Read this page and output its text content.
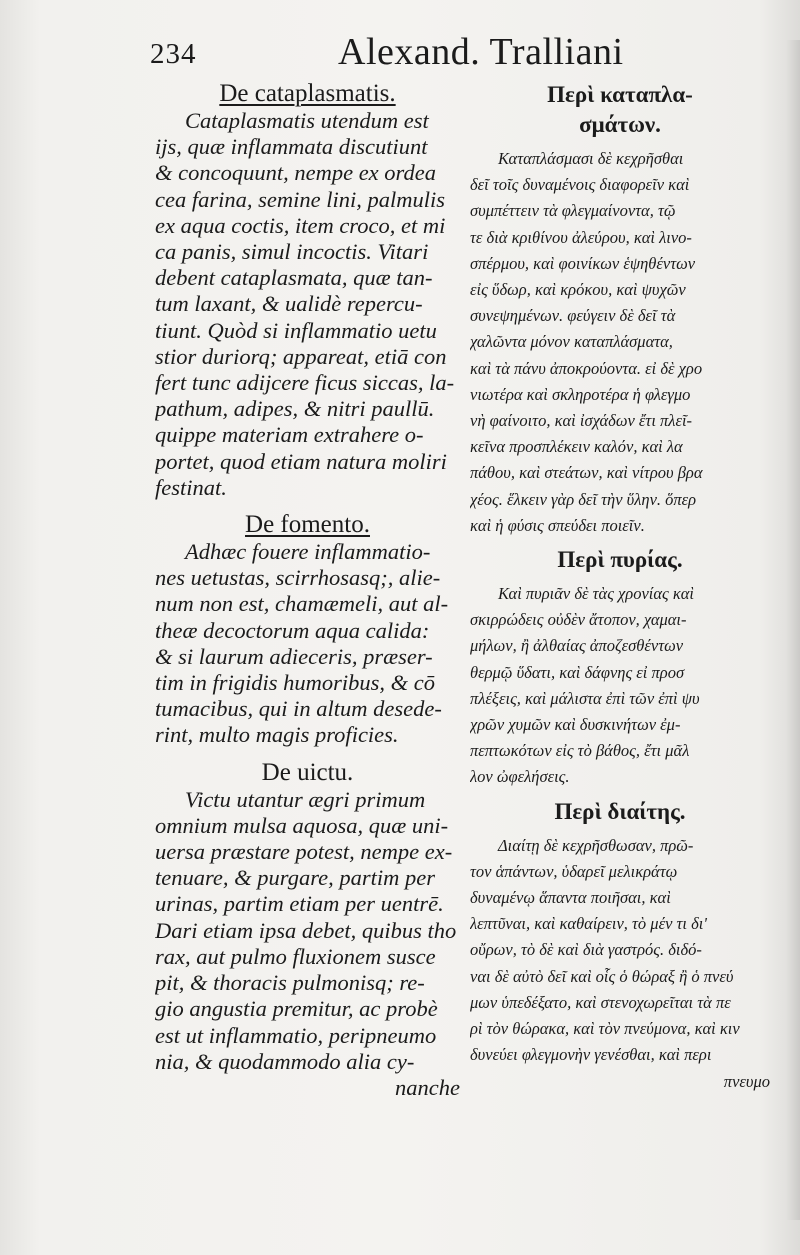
234	Alexand. Tralliani
De cataplasmatis.
Cataplasmatis utendum est
ijs, quæ inflammata discutiunt
& concoquunt, nempe ex ordea
cea farina, semine lini, palmulis
ex aqua coctis, item croco, et mi
ca panis, simul incoctis. Vitari
debent cataplasmata, quæ tan-
tum laxant, & ualidè repercu-
tiunt. Quòd si inflammatio uetu
stior duriorq; appareat, etiā con
fert tunc adijcere ficus siccas, la-
pathum, adipes, & nitri paullū.
quippe materiam extrahere o-
portet, quod etiam natura moliri
festinat.
De fomento.
Adhæc fouere inflammatio-
nes uetustas, scirrhosasq;, alie-
num non est, chamæmeli, aut al-
theæ decoctorum aqua calida:
& si laurum adieceris, præser-
tim in frigidis humoribus, & cō
tumacibus, qui in altum desede-
rint, multo magis proficies.
De uictu.
Victu utantur ægri primum
omnium mulsa aquosa, quæ uni-
uersa præstare potest, nempe ex-
tenuare, & purgare, partim per
urinas, partim etiam per uentrē.
Dari etiam ipsa debet, quibus tho
rax, aut pulmo fluxionem susce
pit, & thoracis pulmonisq; re-
gio angustia premitur, ac probè
est ut inflammatio, peripneumo
nia, & quodammodo alia cy-
nanche
Περὶ καταπλα-
σμάτων.
Καταπλάσμασι δὲ κεχρῆσθαι
δεῖ τοῖς δυναμένοις διαφορεῖν καὶ
συμπέττειν τὰ φλεγμαίνοντα, τῷ
τε διὰ κριθίνου ἀλεύρου, καὶ λινο-
σπέρμου, καὶ φοινίκων ἑψηθέντων
εἰς ὕδωρ, καὶ κρόκου, καὶ ψυχῶν
συνεψημένων. φεύγειν δὲ δεῖ τὰ
χαλῶντα μόνον καταπλάσματα,
καὶ τὰ πάνυ ἀποκρούοντα. εἰ δὲ χρο
νιωτέρα καὶ σκληροτέρα ἡ φλεγμο
νὴ φαίνοιτο, καὶ ἰσχάδων ἔτι πλεῖ-
κεῖνα προσπλέκειν καλόν, καὶ λα
πάθου, καὶ στεάτων, καὶ νίτρου βρα
χέος. ἕλκειν γὰρ δεῖ τὴν ὕλην. ὅπερ
καὶ ἡ φύσις σπεύδει ποιεῖν.
Περὶ πυρίας.
Καὶ πυριᾶν δὲ τὰς χρονίας καὶ
σκιρρώδεις οὐδὲν ἄτοπον, χαμαι-
μήλων, ἢ ἀλθαίας ἀποζεσθέντων
θερμῷ ὕδατι, καὶ δάφνης εἰ προσ
πλέξεις, καὶ μάλιστα ἐπὶ τῶν ἐπὶ ψυ
χρῶν χυμῶν καὶ δυσκινήτων ἐμ-
πεπτωκότων εἰς τὸ βάθος, ἔτι μᾶλ
λον ὠφελήσεις.
Περὶ διαίτης.
Διαίτῃ δὲ κεχρῆσθωσαν, πρῶ-
τον ἁπάντων, ὑδαρεῖ μελικράτῳ
δυναμένῳ ἅπαντα ποιῆσαι, καὶ
λεπτῦναι, καὶ καθαίρειν, τὸ μέν τι δι'
οὔρων, τὸ δὲ καὶ διὰ γαστρός. διδό-
ναι δὲ αὐτὸ δεῖ καὶ οἷς ὁ θώραξ ἢ ὁ πνεύ
μων ὑπεδέξατο, καὶ στενοχωρεῖται τὰ πε
ρὶ τὸν θώρακα, καὶ τὸν πνεύμονα, καὶ κιν
δυνεύει φλεγμονὴν γενέσθαι, καὶ περι
πνευμο
